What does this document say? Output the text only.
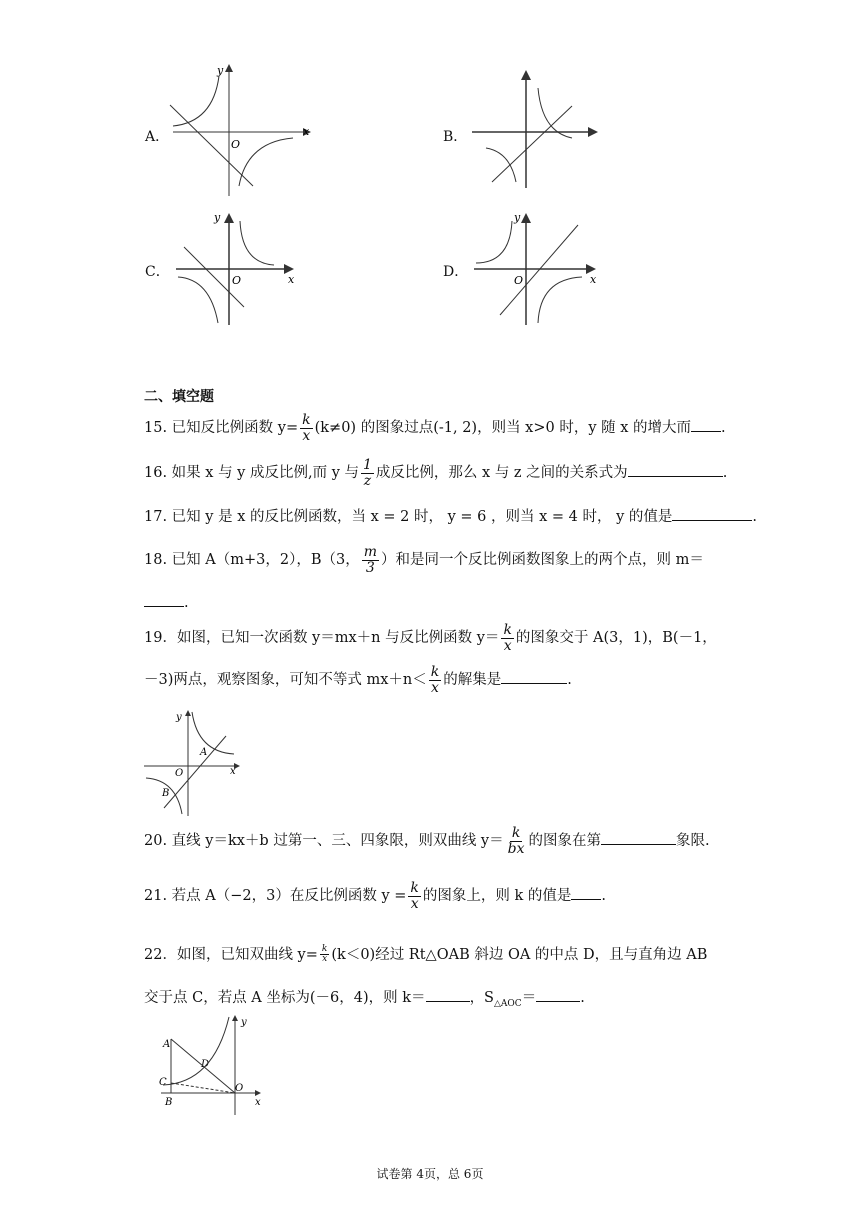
A．
y
x
O	B．
C．
y
x
O
D．
y
x
O
二、填空题
15. 已知反比例函数 $y= \frac{k}{x} (k\ne 0)$ 的图象过点(-1, 2)，则当 x>0 时，y 随 x 的增大而 .
16. 如果 x 与 y 成反比例,而 y 与 $\frac{1}{z}$ 成反比例，那么 x 与 z 之间的关系式为	.
17. 已知 y 是 x 的反比例函数，当 x = 2 时， y = 6 ，则当 x = 4 时， y 的值是	.
18. 已知 A（m+3，2），B（3， $\frac{m}{3}$ ）和是同一个反比例函数图象上的两个点，则 m＝
.
19．如图，已知一次函数 y＝mx＋n 与反比例函数 $y= \frac{k}{x}$ 的图象交于 A(3，1)，B(－1，
－3)两点，观察图象，可知不等式 $mx+n< \frac{k}{x}$ 的解集是	.
y
x
O
A
B
20. 直线 y＝kx＋b 过第一、三、四象限，则双曲线 $y= \frac{k}{bx}$ 的图象在第	象限.
21. 若点 A（−2，3）在反比例函数 $y = \frac{k}{x}$ 的图象上，则 k 的值是 .
22．如图，已知双曲线 $y= \frac{k}{x} (k<0)$经过 Rt△OAB 斜边 OA 的中点 D，且与直角边 AB
交于点 C，若点 A 坐标为(－6，4)，则 k＝	，$S_{\triangle AOC}=$	.
y
x
O
A
B
C
D
试卷第 4页，总 6页
